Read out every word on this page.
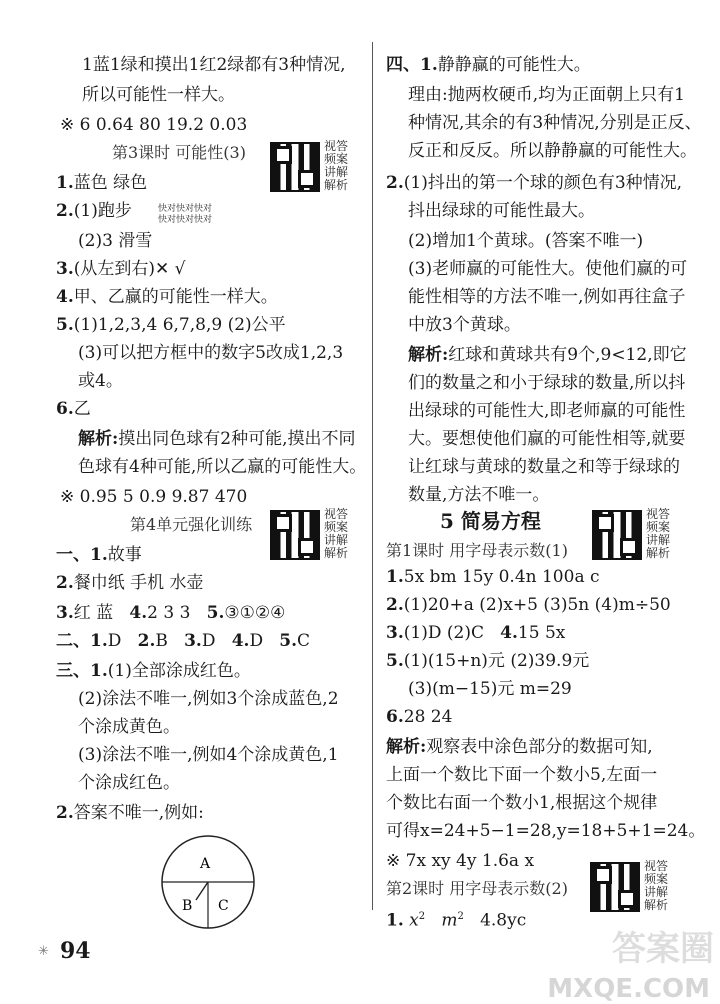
1蓝1绿和摸出1红2绿都有3种情况,
所以可能性一样大。
※ 6 0.64 80 19.2 0.03
第3课时 可能性(3)
1.蓝色 绿色
2.(1)跑步
(2)3 滑雪
3.(从左到右)✕ √
4.甲、乙赢的可能性一样大。
5.(1)1,2,3,4 6,7,8,9 (2)公平
(3)可以把方框中的数字5改成1,2,3
或4。
6.乙
解析:摸出同色球有2种可能,摸出不同
色球有4种可能,所以乙赢的可能性大。
※ 0.95 5 0.9 9.87 470
第4单元强化训练
一、1.故事
2.餐巾纸 手机 水壶
3.红 蓝 4.2 3 3 5.③①②④
二、1.D 2.B 3.D 4.D 5.C
三、1.(1)全部涂成红色。
(2)涂法不唯一,例如3个涂成蓝色,2
个涂成黄色。
(3)涂法不唯一,例如4个涂成黄色,1
个涂成红色。
2.答案不唯一,例如:
A
B C
视答
频案
讲解
解析
快对快对快对
快对快对快对
视答
频案
讲解
解析
四、1.静静赢的可能性大。
理由:抛两枚硬币,均为正面朝上只有1
种情况,其余的有3种情况,分别是正反、
反正和反反。所以静静赢的可能性大。
2.(1)抖出的第一个球的颜色有3种情况,
抖出绿球的可能性最大。
(2)增加1个黄球。(答案不唯一)
(3)老师赢的可能性大。使他们赢的可
能性相等的方法不唯一,例如再往盒子
中放3个黄球。
解析:红球和黄球共有9个,9<12,即它
们的数量之和小于绿球的数量,所以抖
出绿球的可能性大,即老师赢的可能性
大。要想使他们赢的可能性相等,就要
让红球与黄球的数量之和等于绿球的
数量,方法不唯一。
5 简易方程
第1课时 用字母表示数(1)
1.5x bm 15y 0.4n 100a c
2.(1)20+a (2)x+5 (3)5n (4)m÷50
3.(1)D (2)C 4.15 5x
5.(1)(15+n)元 (2)39.9元
(3)(m−15)元 m=29
6.28 24
解析:观察表中涂色部分的数据可知,
上面一个数比下面一个数小5,左面一
个数比右面一个数小1,根据这个规律
可得x=24+5−1=28,y=18+5+1=24。
※ 7x xy 4y 1.6a x
第2课时 用字母表示数(2)
1. $x^2$ $m^2$ 4.8yc
视答
频案
讲解
解析
视答
频案
讲解
解析
✳ 94	答案圈
MXQE.COM
